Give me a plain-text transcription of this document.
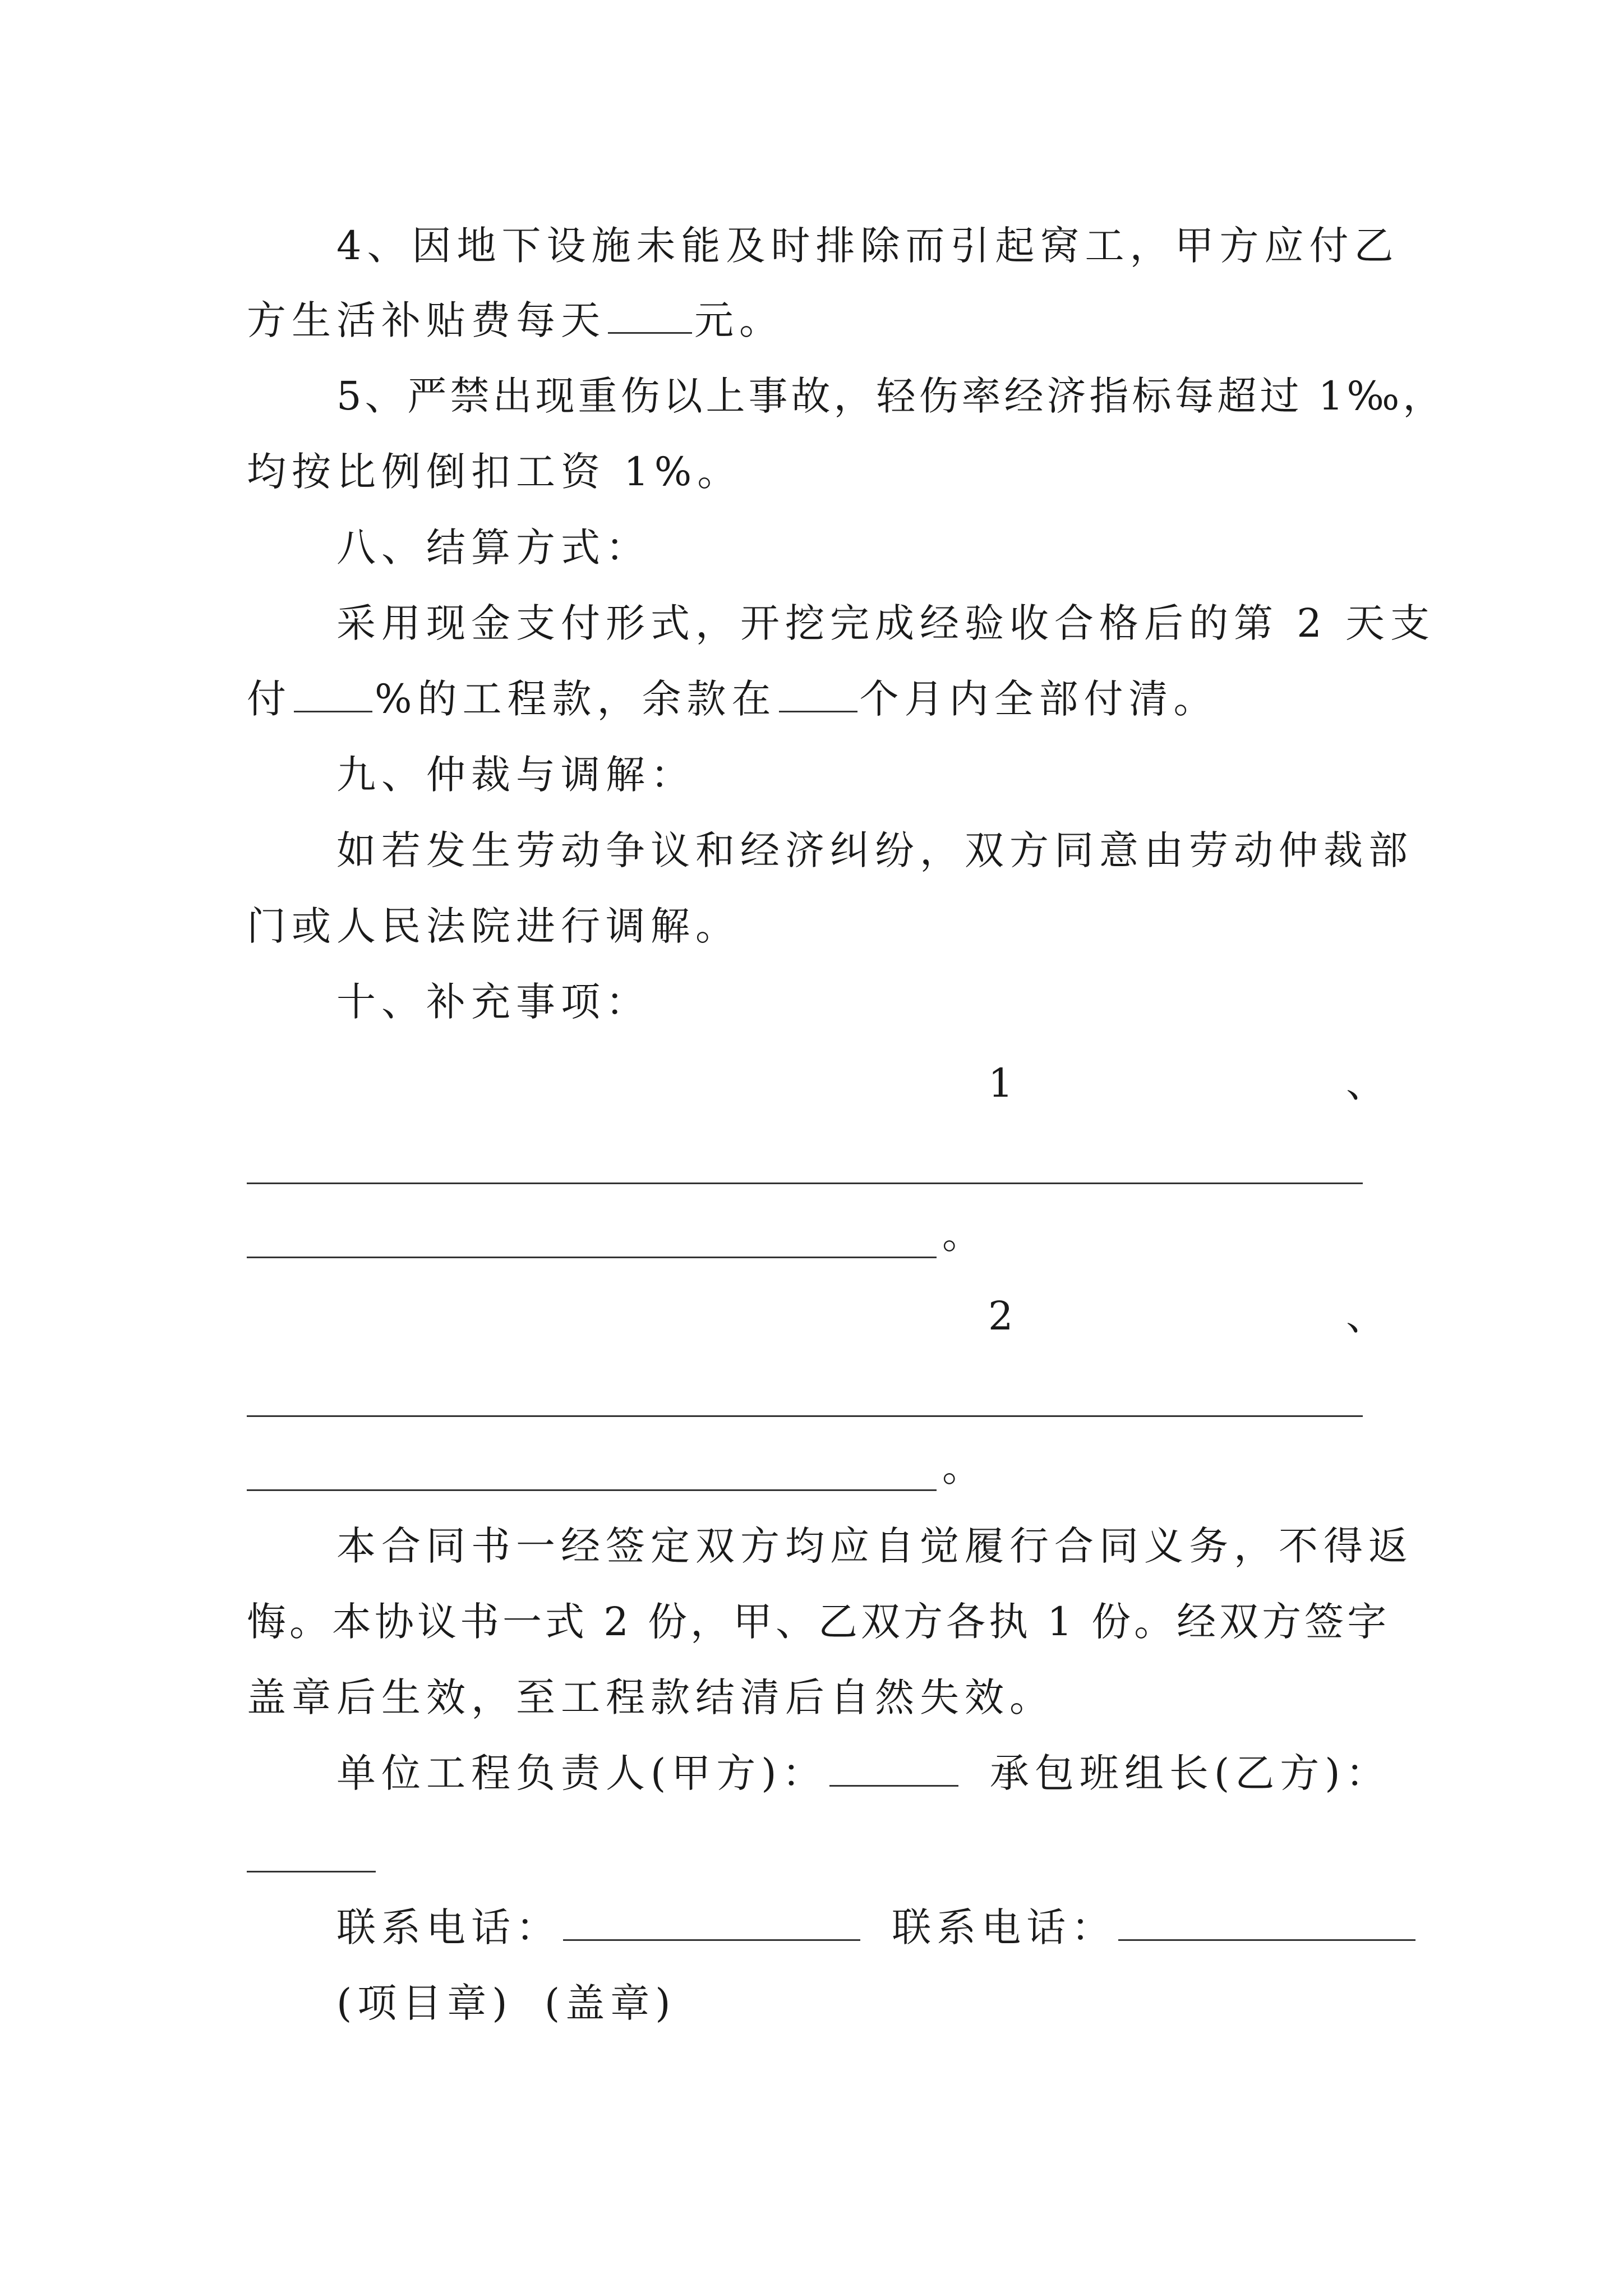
4、因地下设施未能及时排除而引起窝工，甲方应付乙
方生活补贴费每天 元。
5、严禁出现重伤以上事故，轻伤率经济指标每超过 1‰，
均按比例倒扣工资 1%。
八、结算方式：
采用现金支付形式，开挖完成经验收合格后的第 2 天支
付 %的工程款，余款在 个月内全部付清。
九、仲裁与调解：
如若发生劳动争议和经济纠纷，双方同意由劳动仲裁部
门或人民法院进行调解。
十、补充事项：
1	、
。
2	、
。
本合同书一经签定双方均应自觉履行合同义务，不得返
悔。本协议书一式 2 份，甲、乙双方各执 1 份。经双方签字
盖章后生效，至工程款结清后自然失效。
单位工程负责人(甲方)：	承包班组长(乙方)：
联系电话：	联系电话：
(项目章) (盖章)
